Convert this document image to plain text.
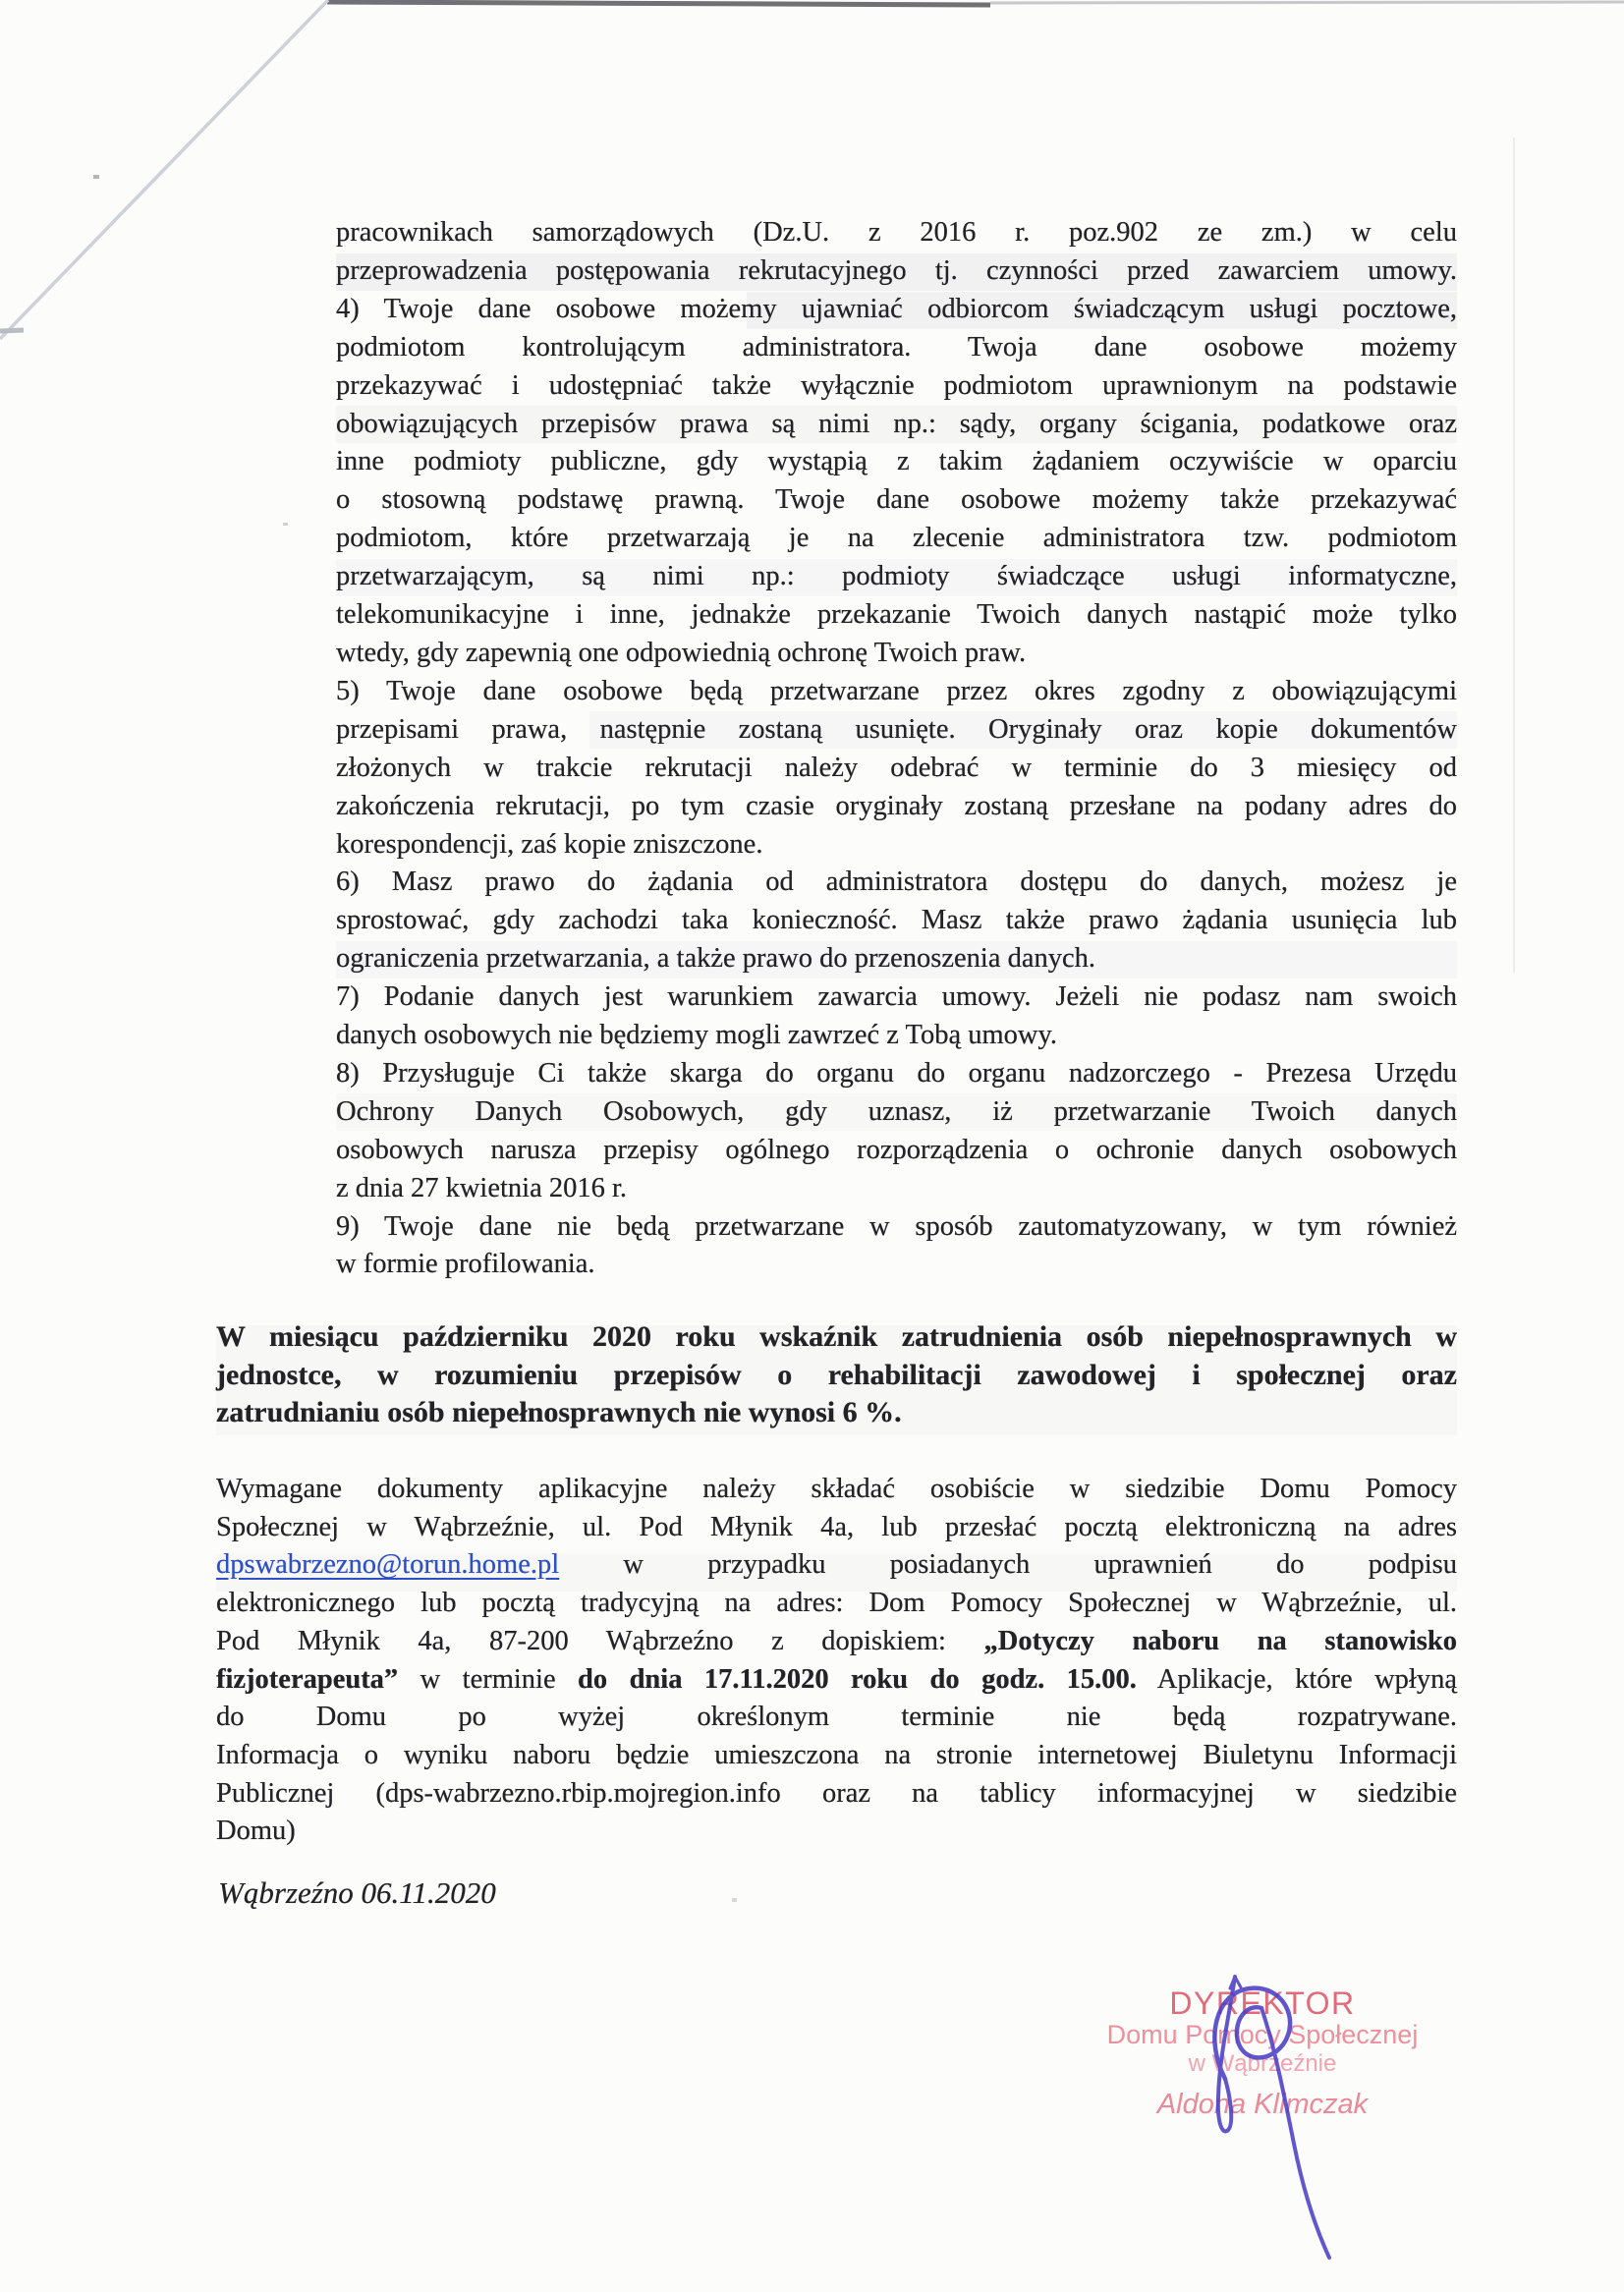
pracownikach samorządowych (Dz.U. z 2016 r. poz.902 ze zm.) w celu
przeprowadzenia postępowania rekrutacyjnego tj. czynności przed zawarciem umowy.
4) Twoje dane osobowe możemy ujawniać odbiorcom świadczącym usługi pocztowe,
podmiotom kontrolującym administratora. Twoja dane osobowe możemy
przekazywać i udostępniać także wyłącznie podmiotom uprawnionym na podstawie
obowiązujących przepisów prawa są nimi np.: sądy, organy ścigania, podatkowe oraz
inne podmioty publiczne, gdy wystąpią z takim żądaniem oczywiście w oparciu
o stosowną podstawę prawną. Twoje dane osobowe możemy także przekazywać
podmiotom, które przetwarzają je na zlecenie administratora tzw. podmiotom
przetwarzającym, są nimi np.: podmioty świadczące usługi informatyczne,
telekomunikacyjne i inne, jednakże przekazanie Twoich danych nastąpić może tylko
wtedy, gdy zapewnią one odpowiednią ochronę Twoich praw.
5) Twoje dane osobowe będą przetwarzane przez okres zgodny z obowiązującymi
przepisami prawa, następnie zostaną usunięte. Oryginały oraz kopie dokumentów
złożonych w trakcie rekrutacji należy odebrać w terminie do 3 miesięcy od
zakończenia rekrutacji, po tym czasie oryginały zostaną przesłane na podany adres do
korespondencji, zaś kopie zniszczone.
6) Masz prawo do żądania od administratora dostępu do danych, możesz je
sprostować, gdy zachodzi taka konieczność. Masz także prawo żądania usunięcia lub
ograniczenia przetwarzania, a także prawo do przenoszenia danych.
7) Podanie danych jest warunkiem zawarcia umowy. Jeżeli nie podasz nam swoich
danych osobowych nie będziemy mogli zawrzeć z Tobą umowy.
8) Przysługuje Ci także skarga do organu do organu nadzorczego - Prezesa Urzędu
Ochrony Danych Osobowych, gdy uznasz, iż przetwarzanie Twoich danych
osobowych narusza przepisy ogólnego rozporządzenia o ochronie danych osobowych
z dnia 27 kwietnia 2016 r.
9) Twoje dane nie będą przetwarzane w sposób zautomatyzowany, w tym również
w formie profilowania.
W miesiącu październiku 2020 roku wskaźnik zatrudnienia osób niepełnosprawnych w
jednostce, w rozumieniu przepisów o rehabilitacji zawodowej i społecznej oraz
zatrudnianiu osób niepełnosprawnych nie wynosi 6 %.
Wymagane dokumenty aplikacyjne należy składać osobiście w siedzibie Domu Pomocy
Społecznej w Wąbrzeźnie, ul. Pod Młynik 4a, lub przesłać pocztą elektroniczną na adres
dpswabrzezno@torun.home.pl w przypadku posiadanych uprawnień do podpisu
elektronicznego lub pocztą tradycyjną na adres: Dom Pomocy Społecznej w Wąbrzeźnie, ul.
Pod Młynik 4a, 87-200 Wąbrzeźno z dopiskiem: „Dotyczy naboru na stanowisko
fizjoterapeuta” w terminie do dnia 17.11.2020 roku do godz. 15.00. Aplikacje, które wpłyną
do Domu po wyżej określonym terminie nie będą rozpatrywane.
Informacja o wyniku naboru będzie umieszczona na stronie internetowej Biuletynu Informacji
Publicznej (dps-wabrzezno.rbip.mojregion.info oraz na tablicy informacyjnej w siedzibie
Domu)
Wąbrzeźno 06.11.2020
DYREKTOR
Domu Pomocy Społecznej
w Wąbrzeźnie
Aldona Klimczak
